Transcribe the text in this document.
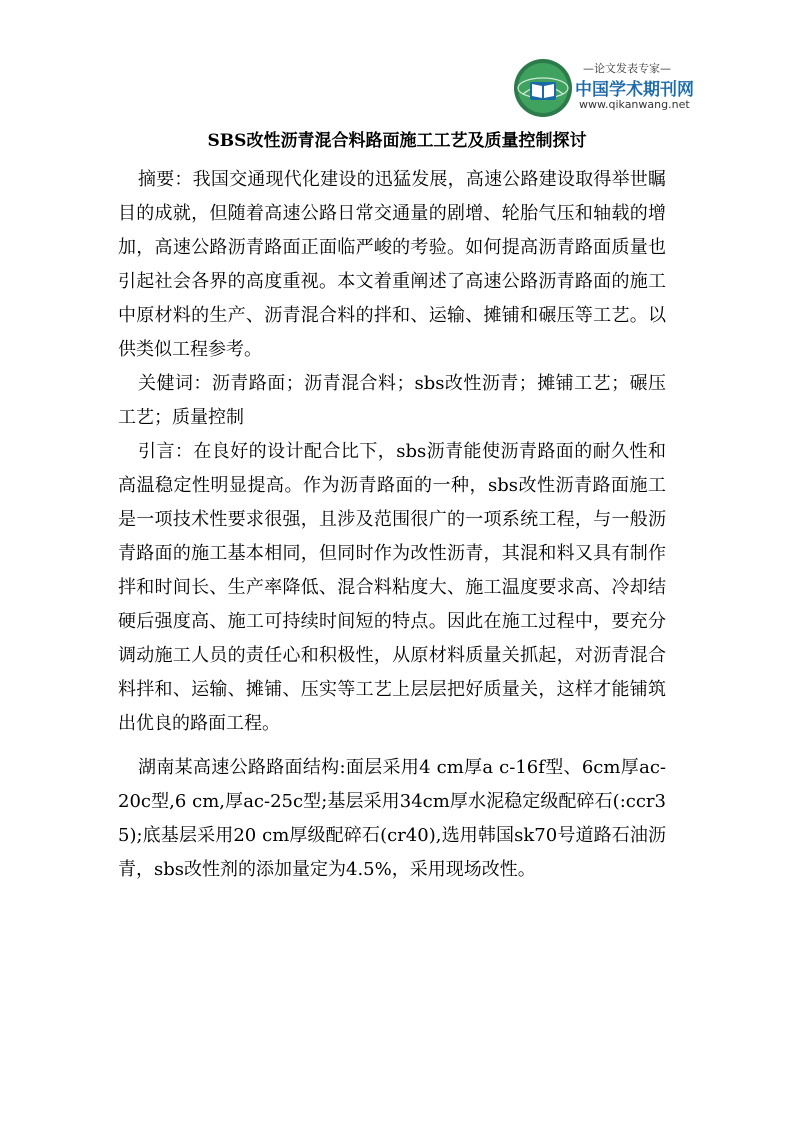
—论文发表专家—
中国学术期刊网
www.qikanwang.net
SBS改性沥青混合料路面施工工艺及质量控制探讨

摘要：我国交通现代化建设的迅猛发展，高速公路建设取得举世瞩目的成就，但随着高速公路日常交通量的剧增、轮胎气压和轴载的增加，高速公路沥青路面正面临严峻的考验。如何提高沥青路面质量也引起社会各界的高度重视。本文着重阐述了高速公路沥青路面的施工中原材料的生产、沥青混合料的拌和、运输、摊铺和碾压等工艺。以供类似工程参考。

关健词：沥青路面；沥青混合料；sbs改性沥青；摊铺工艺；碾压工艺；质量控制

引言：在良好的设计配合比下，sbs沥青能使沥青路面的耐久性和高温稳定性明显提高。作为沥青路面的一种，sbs改性沥青路面施工是一项技术性要求很强，且涉及范围很广的一项系统工程，与一般沥青路面的施工基本相同，但同时作为改性沥青，其混和料又具有制作拌和时间长、生产率降低、混合料粘度大、施工温度要求高、冷却结硬后强度高、施工可持续时间短的特点。因此在施工过程中，要充分调动施工人员的责任心和积极性，从原材料质量关抓起，对沥青混合料拌和、运输、摊铺、压实等工艺上层层把好质量关，这样才能铺筑出优良的路面工程。

湖南某高速公路路面结构:面层采用4 cm厚a c-16f型、6cm厚ac-20c型,6 cm,厚ac-25c型;基层采用34cm厚水泥稳定级配碎石(:ccr35);底基层采用20 cm厚级配碎石(cr40),选用韩国sk70号道路石油沥青，sbs改性剂的添加量定为4.5%，采用现场改性。
